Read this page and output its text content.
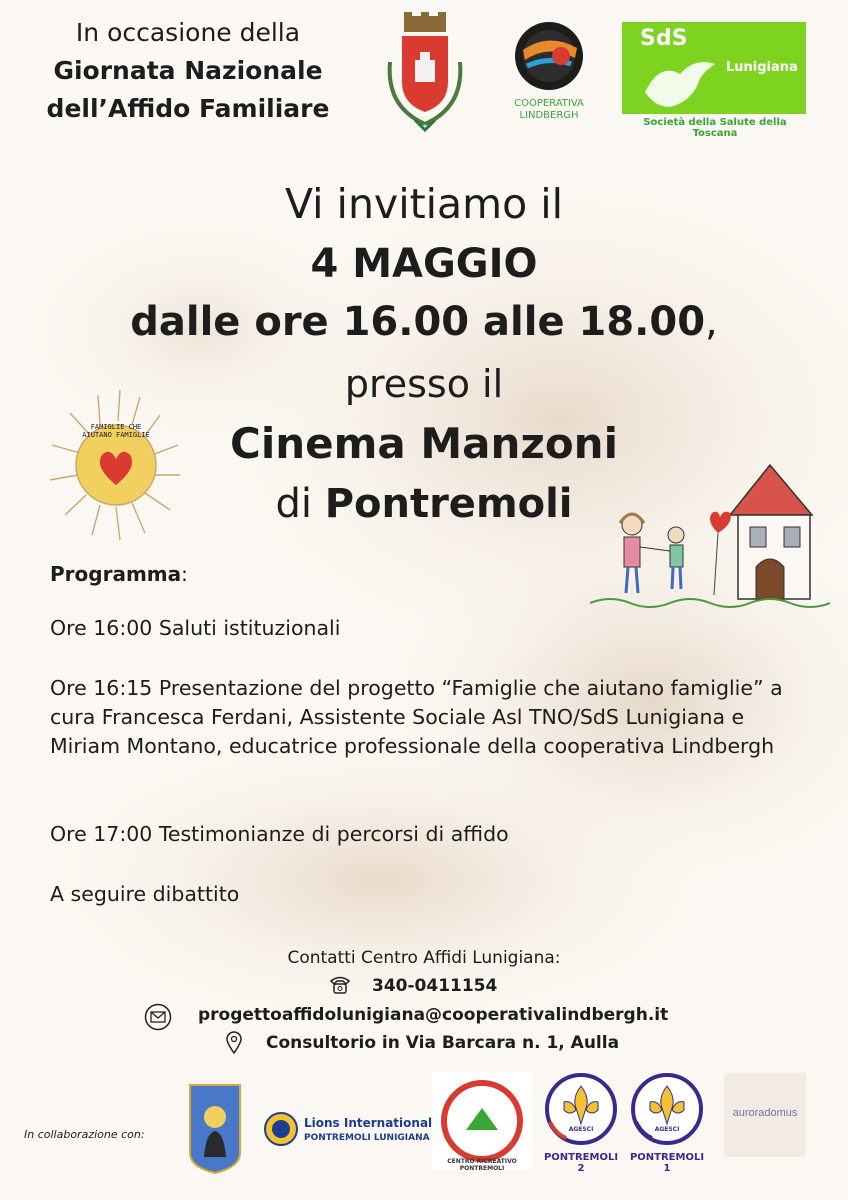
In occasione della
Giornata Nazionale
dell’Affido Familiare	COOPERATIVA
LINDBERGH
SdS
Lunigiana
Società della Salute della Toscana
Vi invitiamo il
4 MAGGIO
dalle ore 16.00 alle 18.00,
presso il
Cinema Manzoni
di Pontremoli
FAMIGLIE CHE AIUTANO FAMIGLIE
Programma:
Ore 16:00 Saluti istituzionali
Ore 16:15 Presentazione del progetto “Famiglie che aiutano famiglie” a cura Francesca Ferdani, Assistente Sociale Asl TNO/SdS Lunigiana e Miriam Montano, educatrice professionale della cooperativa Lindbergh
Ore 17:00 Testimonianze di percorsi di affido
A seguire dibattito
Contatti Centro Affidi Lunigiana:
340-0411154
progettoaffidolunigiana@cooperativalindbergh.it
Consultorio in Via Barcara n. 1, Aulla
In collaborazione con:
Lions International
PONTREMOLI LUNIGIANA
CENTRO RICREATIVO PONTREMOLI
AGESCI
PONTREMOLI 2
AGESCI
PONTREMOLI 1
auroradomus
